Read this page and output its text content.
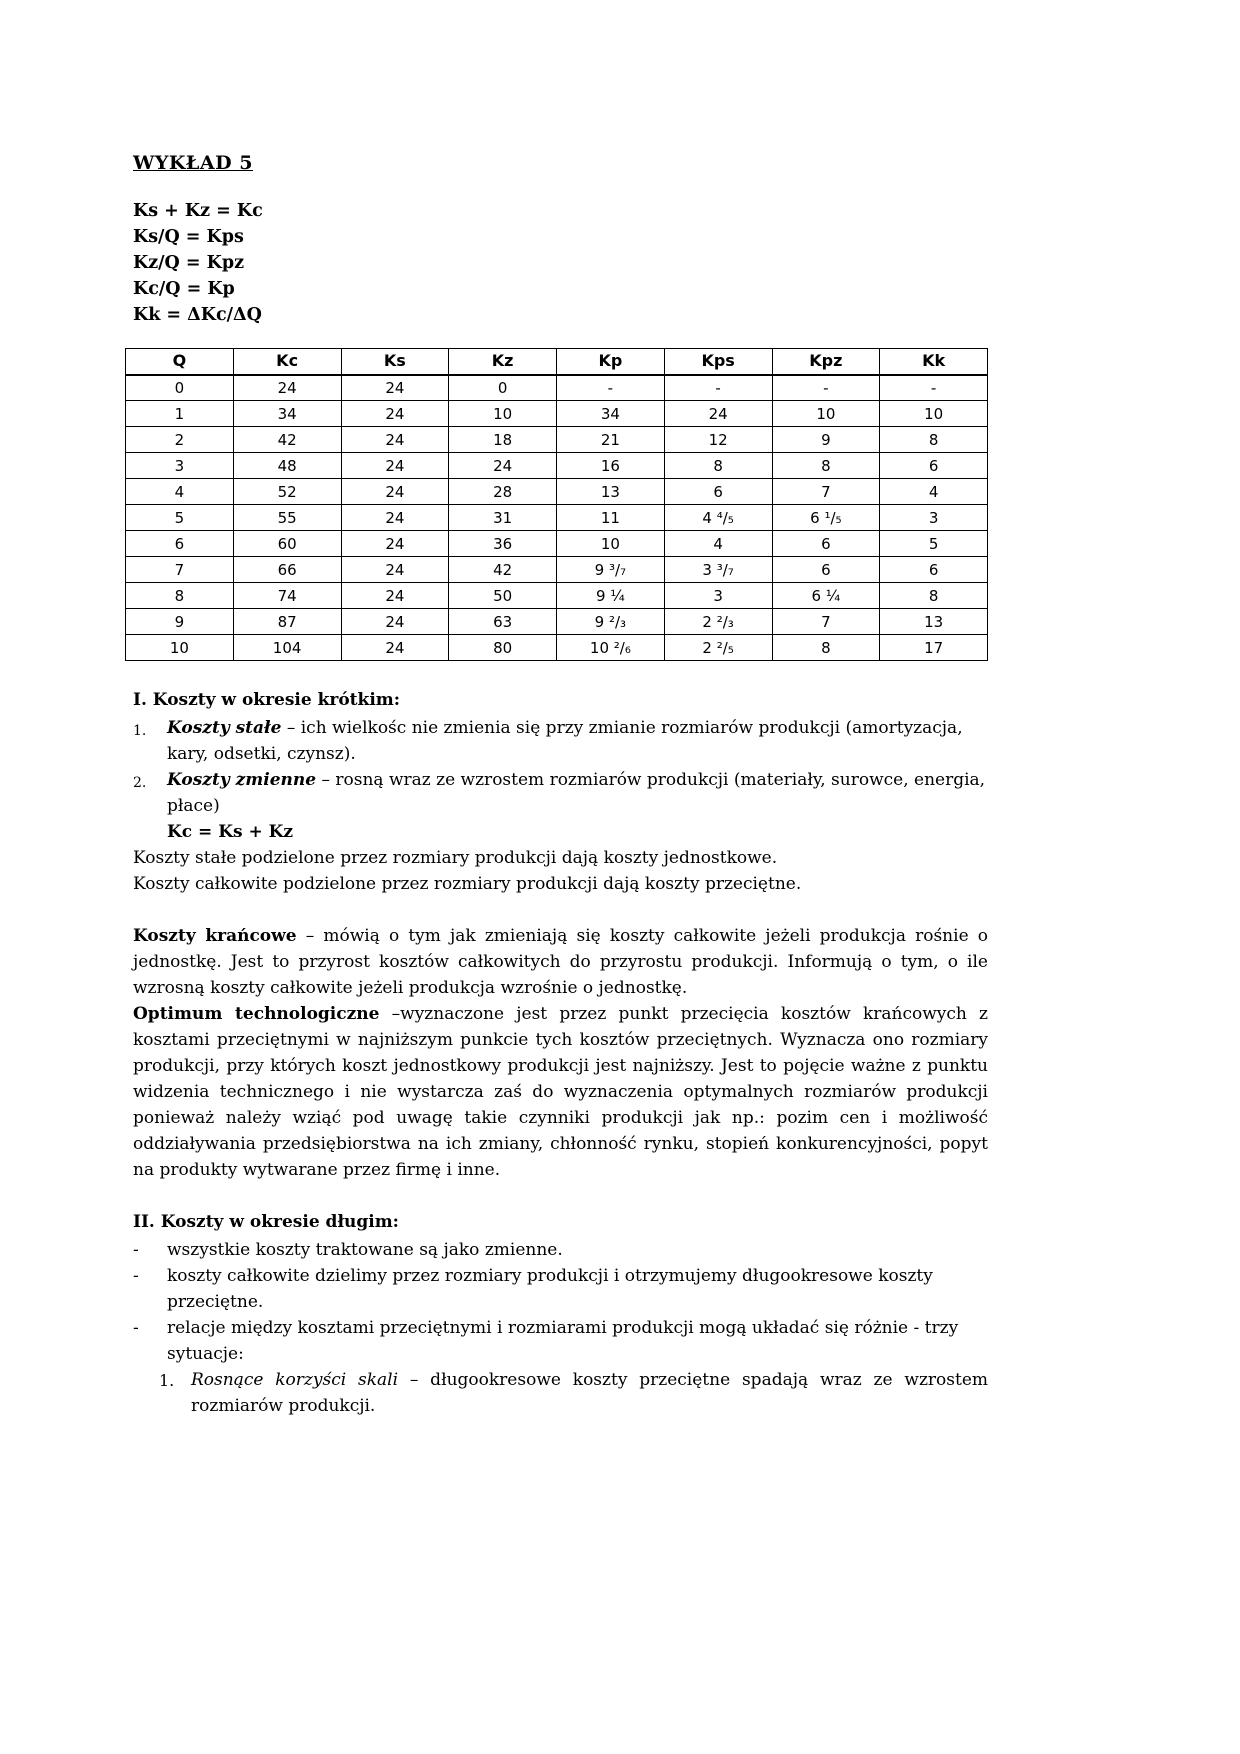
WYKŁAD 5
Ks + Kz = Kc
Ks/Q = Kps
Kz/Q = Kpz
Kc/Q = Kp
Kk = ΔKc/ΔQ
Q	Kc	Ks	Kz	Kp	Kps	Kpz	Kk
0	24	24	0	-	-	-	-
1	34	24	10	34	24	10	10
2	42	24	18	21	12	9	8
3	48	24	24	16	8	8	6
4	52	24	28	13	6	7	4
5	55	24	31	11	4 ⁴/₅	6 ¹/₅	3
6	60	24	36	10	4	6	5
7	66	24	42	9 ³/₇	3 ³/₇	6	6
8	74	24	50	9 ¼	3	6 ¼	8
9	87	24	63	9 ²/₃	2 ²/₃	7	13
10	104	24	80	10 ²/₆	2 ²/₅	8	17
I. Koszty w okresie krótkim:
1.	Koszty stałe – ich wielkośc nie zmienia się przy zmianie rozmiarów produkcji (amortyzacja, kary, odsetki, czynsz).
2.	Koszty zmienne – rosną wraz ze wzrostem rozmiarów produkcji (materiały, surowce, energia, płace)
Kc = Ks + Kz

Koszty stałe podzielone przez rozmiary produkcji dają koszty jednostkowe.

Koszty całkowite podzielone przez rozmiary produkcji dają koszty przeciętne.

Koszty krańcowe – mówią o tym jak zmieniają się koszty całkowite jeżeli produkcja rośnie o jednostkę. Jest to przyrost kosztów całkowitych do przyrostu produkcji. Informują o tym, o ile wzrosną koszty całkowite jeżeli produkcja wzrośnie o jednostkę.

Optimum technologiczne –wyznaczone jest przez punkt przecięcia kosztów krańcowych z kosztami przeciętnymi w najniższym punkcie tych kosztów przeciętnych. Wyznacza ono rozmiary produkcji, przy których koszt jednostkowy produkcji jest najniższy. Jest to pojęcie ważne z punktu widzenia technicznego i nie wystarcza zaś do wyznaczenia optymalnych rozmiarów produkcji ponieważ należy wziąć pod uwagę takie czynniki produkcji jak np.: pozim cen i możliwość oddziaływania przedsiębiorstwa na ich zmiany, chłonność rynku, stopień konkurencyjności, popyt na produkty wytwarane przez firmę i inne.

II. Koszty w okresie długim:
-	wszystkie koszty traktowane są jako zmienne.
-	koszty całkowite dzielimy przez rozmiary produkcji i otrzymujemy długookresowe koszty przeciętne.
-	relacje między kosztami przeciętnymi i rozmiarami produkcji mogą układać się różnie - trzy sytuacje:
1. Rosnące korzyści skali – długookresowe koszty przeciętne spadają wraz ze wzrostem rozmiarów produkcji.
